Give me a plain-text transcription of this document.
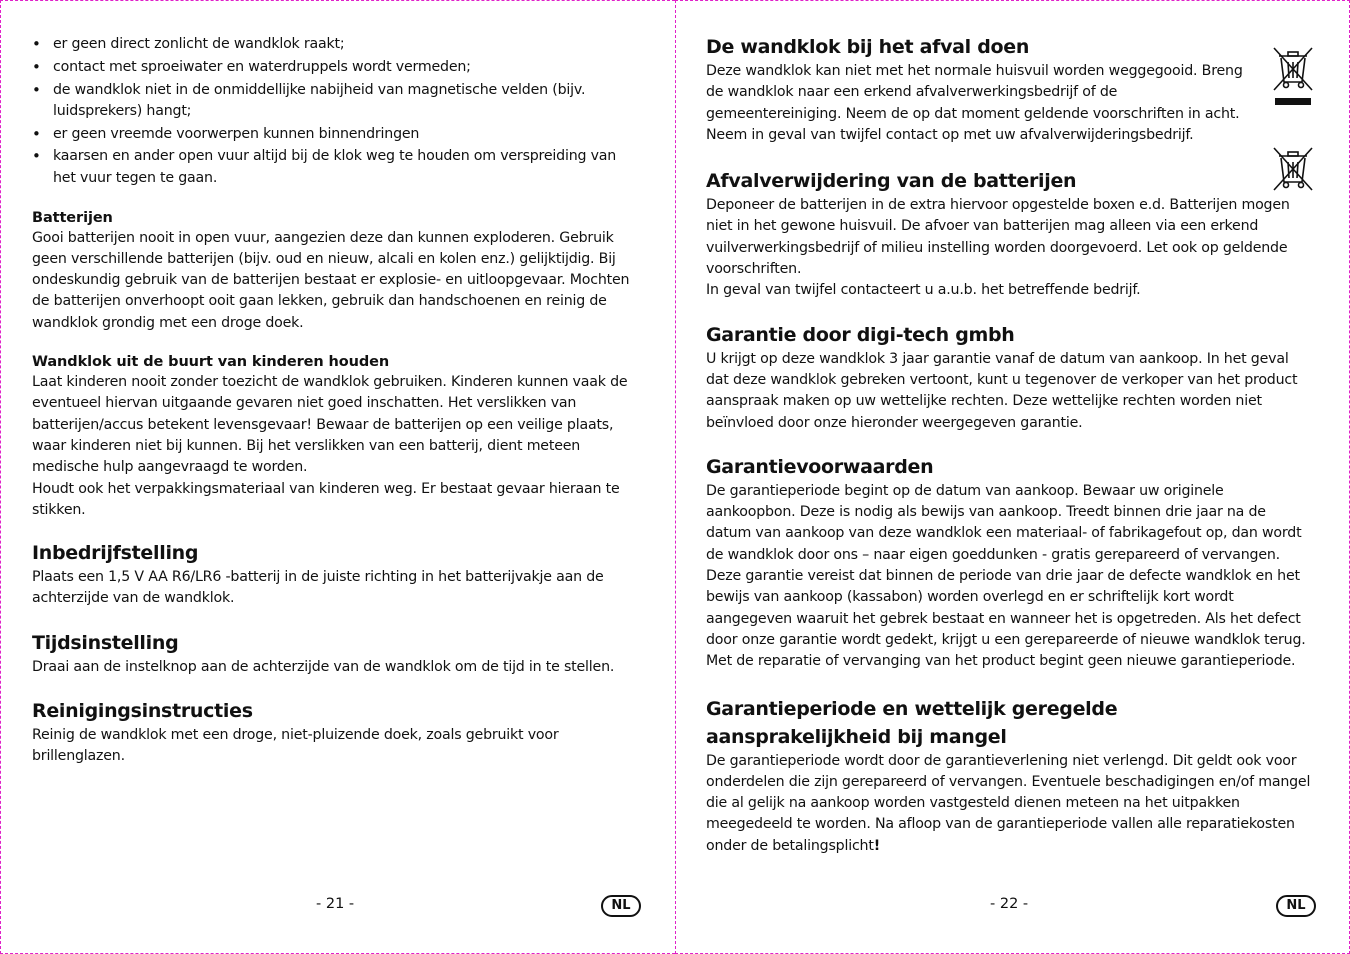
• er geen direct zonlicht de wandklok raakt;
• contact met sproeiwater en waterdruppels wordt vermeden;
• de wandklok niet in de onmiddellijke nabijheid van magnetische velden (bijv. luidsprekers) hangt;
• er geen vreemde voorwerpen kunnen binnendringen
• kaarsen en ander open vuur altijd bij de klok weg te houden om verspreiding van het vuur tegen te gaan.
Batterijen

Gooi batterijen nooit in open vuur, aangezien deze dan kunnen exploderen. Gebruik geen verschillende batterijen (bijv. oud en nieuw, alcali en kolen enz.) gelijktijdig. Bij ondeskundig gebruik van de batterijen bestaat er explosie- en uitloopgevaar. Mochten de batterijen onverhoopt ooit gaan lekken, gebruik dan handschoenen en reinig de wandklok grondig met een droge doek.

Wandklok uit de buurt van kinderen houden

Laat kinderen nooit zonder toezicht de wandklok gebruiken. Kinderen kunnen vaak de eventueel hiervan uitgaande gevaren niet goed inschatten. Het verslikken van batterijen/accus betekent levensgevaar! Bewaar de batterijen op een veilige plaats, waar kinderen niet bij kunnen. Bij het verslikken van een batterij, dient meteen medische hulp aangevraagd te worden.

Houdt ook het verpakkingsmateriaal van kinderen weg. Er bestaat gevaar hieraan te stikken.

Inbedrijfstelling

Plaats een 1,5 V AA R6/LR6 -batterij in de juiste richting in het batterijvakje aan de achterzijde van de wandklok.

Tijdsinstelling

Draai aan de instelknop aan de achterzijde van de wandklok om de tijd in te stellen.

Reinigingsinstructies

Reinig de wandklok met een droge, niet-pluizende doek, zoals gebruikt voor brillenglazen.

- 21 -	NL
De wandklok bij het afval doen

Deze wandklok kan niet met het normale huisvuil worden weggegooid. Breng de wandklok naar een erkend afvalverwerkingsbedrijf of de gemeentereiniging. Neem de op dat moment geldende voorschriften in acht.

Neem in geval van twijfel contact op met uw afvalverwijderingsbedrijf.

Afvalverwijdering van de batterijen

Deponeer de batterijen in de extra hiervoor opgestelde boxen e.d. Batterijen mogen niet in het gewone huisvuil. De afvoer van batterijen mag alleen via een erkend vuilverwerkingsbedrijf of milieu instelling worden doorgevoerd. Let ook op geldende voorschriften.

In geval van twijfel contacteert u a.u.b. het betreffende bedrijf.

Garantie door digi-tech gmbh

U krijgt op deze wandklok 3 jaar garantie vanaf de datum van aankoop. In het geval dat deze wandklok gebreken vertoont, kunt u tegenover de verkoper van het product aanspraak maken op uw wettelijke rechten. Deze wettelijke rechten worden niet beïnvloed door onze hieronder weergegeven garantie.

Garantievoorwaarden

De garantieperiode begint op de datum van aankoop. Bewaar uw originele aankoopbon. Deze is nodig als bewijs van aankoop. Treedt binnen drie jaar na de datum van aankoop van deze wandklok een materiaal- of fabrikagefout op, dan wordt de wandklok door ons – naar eigen goeddunken - gratis gerepareerd of vervangen. Deze garantie vereist dat binnen de periode van drie jaar de defecte wandklok en het bewijs van aankoop (kassabon) worden overlegd en er schriftelijk kort wordt aangegeven waaruit het gebrek bestaat en wanneer het is opgetreden. Als het defect door onze garantie wordt gedekt, krijgt u een gerepareerde of nieuwe wandklok terug. Met de reparatie of vervanging van het product begint geen nieuwe garantieperiode.

Garantieperiode en wettelijk geregelde aansprakelijkheid bij mangel

De garantieperiode wordt door de garantieverlening niet verlengd. Dit geldt ook voor onderdelen die zijn gerepareerd of vervangen. Eventuele beschadigingen en/of mangel die al gelijk na aankoop worden vastgesteld dienen meteen na het uitpakken meegedeeld te worden. Na afloop van de garantieperiode vallen alle reparatiekosten onder de betalingsplicht!

- 22 -	NL
